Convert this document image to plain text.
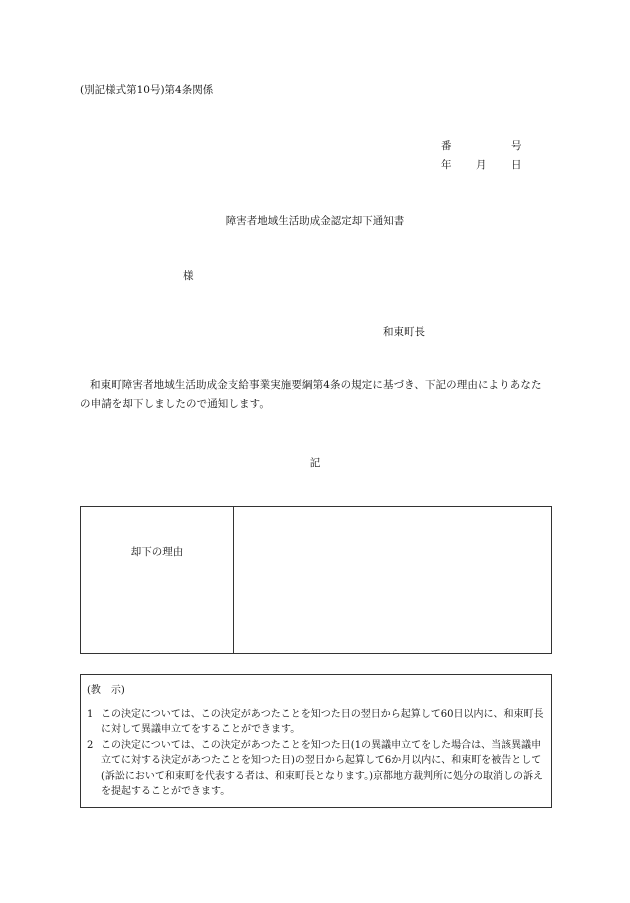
(別記様式第10号)第4条関係
番	号
年	月	日
障害者地域生活助成金認定却下通知書
様
和東町長
和東町障害者地域生活助成金支給事業実施要綱第4条の規定に基づき、下記の理由によりあなたの申請を却下しましたので通知します。
記
却下の理由
(教　示)
1 この決定については、この決定があつたことを知つた日の翌日から起算して60日以内に、和束町長に対して異議申立てをすることができます。
2 この決定については、この決定があつたことを知つた日(1の異議申立てをした場合は、当該異議申立てに対する決定があつたことを知つた日)の翌日から起算して6か月以内に、和束町を被告として(訴訟において和束町を代表する者は、和束町長となります。)京都地方裁判所に処分の取消しの訴えを提起することができます。
